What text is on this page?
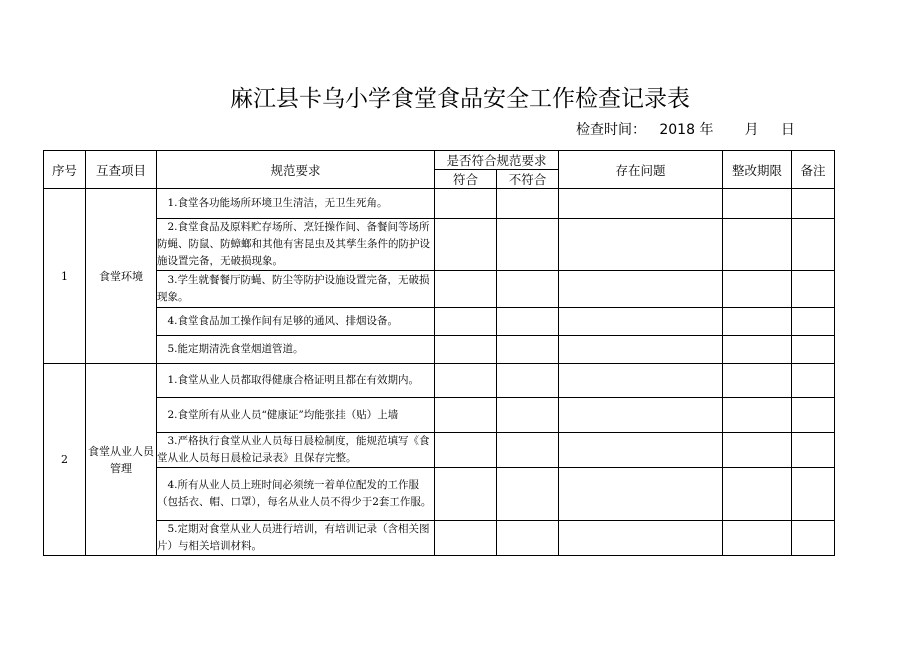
麻江县卡乌小学食堂食品安全工作检查记录表
检查时间： 2018 年 月 日
序号	互查项目	规范要求	是否符合规范要求		存在问题	整改期限	备注
			符合	不符合			
1	食堂环境	1.食堂各功能场所环境卫生清洁，无卫生死角。					

		2.食堂食品及原料贮存场所、烹饪操作间、备餐间等场所防蝇、防鼠、防蟑螂和其他有害昆虫及其孳生条件的防护设施设置完备，无破损现象。					

		3.学生就餐餐厅防蝇、防尘等防护设施设置完备，无破损现象。					

		4.食堂食品加工操作间有足够的通风、排烟设备。					

		5.能定期清洗食堂烟道管道。					

2	食堂从业人员管理	1.食堂从业人员都取得健康合格证明且都在有效期内。					

		2.食堂所有从业人员“健康证”均能张挂（贴）上墙					

		3.严格执行食堂从业人员每日晨检制度，能规范填写《食堂从业人员每日晨检记录表》且保存完整。					

		4.所有从业人员上班时间必须统一着单位配发的工作服（包括衣、帽、口罩），每名从业人员不得少于2套工作服。					

		5.定期对食堂从业人员进行培训，有培训记录（含相关图片）与相关培训材料。					
